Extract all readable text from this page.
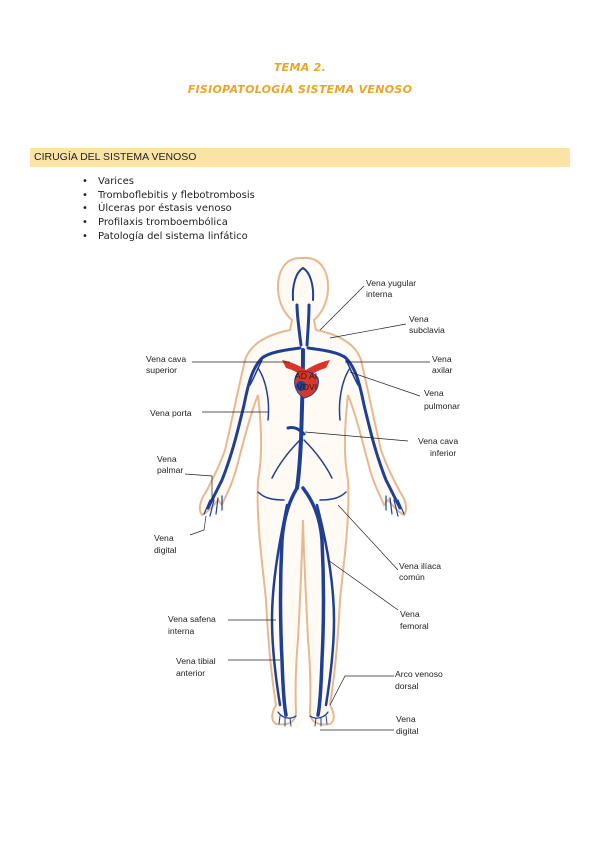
TEMA 2.
FISIOPATOLOGÍA SISTEMA VENOSO
CIRUGÍA DEL SISTEMA VENOSO
• Varices
• Tromboflebitis y flebotrombosis
• Úlceras por éstasis venoso
• Profilaxis tromboembólica
• Patología del sistema linfático
AD AI
VD VI
Vena yugular
interna
Vena
subclavia
Vena cava
superior
Vena
axilar
Vena
pulmonar
Vena porta
Vena cava
inferior
Vena
palmar
Vena
digital
Vena ilíaca
común
Vena
femoral
Vena safena
interna
Vena tibial
anterior	Arco venoso
dorsal
Vena
digital
